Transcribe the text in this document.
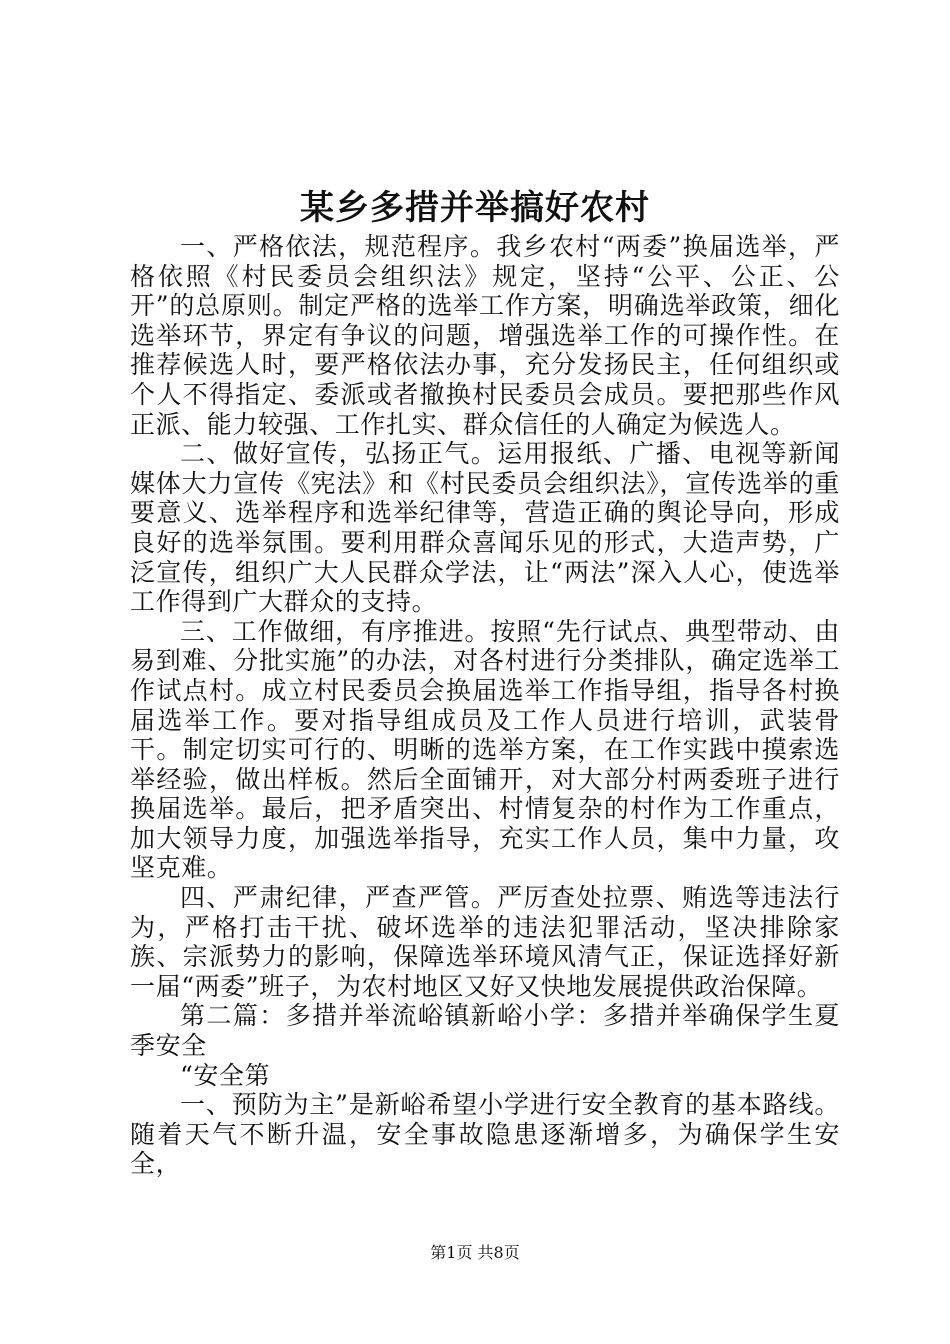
某乡多措并举搞好农村

一、严格依法，规范程序。我乡农村“两委”换届选举，严格依照《村民委员会组织法》规定，坚持“公平、公正、公开”的总原则。制定严格的选举工作方案，明确选举政策，细化选举环节，界定有争议的问题，增强选举工作的可操作性。在推荐候选人时，要严格依法办事，充分发扬民主，任何组织或个人不得指定、委派或者撤换村民委员会成员。要把那些作风正派、能力较强、工作扎实、群众信任的人确定为候选人。

二、做好宣传，弘扬正气。运用报纸、广播、电视等新闻媒体大力宣传《宪法》和《村民委员会组织法》，宣传选举的重要意义、选举程序和选举纪律等，营造正确的舆论导向，形成良好的选举氛围。要利用群众喜闻乐见的形式，大造声势，广泛宣传，组织广大人民群众学法，让“两法”深入人心，使选举工作得到广大群众的支持。

三、工作做细，有序推进。按照“先行试点、典型带动、由易到难、分批实施”的办法，对各村进行分类排队，确定选举工作试点村。成立村民委员会换届选举工作指导组，指导各村换届选举工作。要对指导组成员及工作人员进行培训，武装骨干。制定切实可行的、明晰的选举方案，在工作实践中摸索选举经验，做出样板。然后全面铺开，对大部分村两委班子进行换届选举。最后，把矛盾突出、村情复杂的村作为工作重点，加大领导力度，加强选举指导，充实工作人员，集中力量，攻坚克难。

四、严肃纪律，严查严管。严厉查处拉票、贿选等违法行为，严格打击干扰、破坏选举的违法犯罪活动，坚决排除家族、宗派势力的影响，保障选举环境风清气正，保证选择好新一届“两委”班子，为农村地区又好又快地发展提供政治保障。

第二篇：多措并举流峪镇新峪小学：多措并举确保学生夏季安全

“安全第

一、预防为主”是新峪希望小学进行安全教育的基本路线。随着天气不断升温，安全事故隐患逐渐增多，为确保学生安全，

第1页 共8页
